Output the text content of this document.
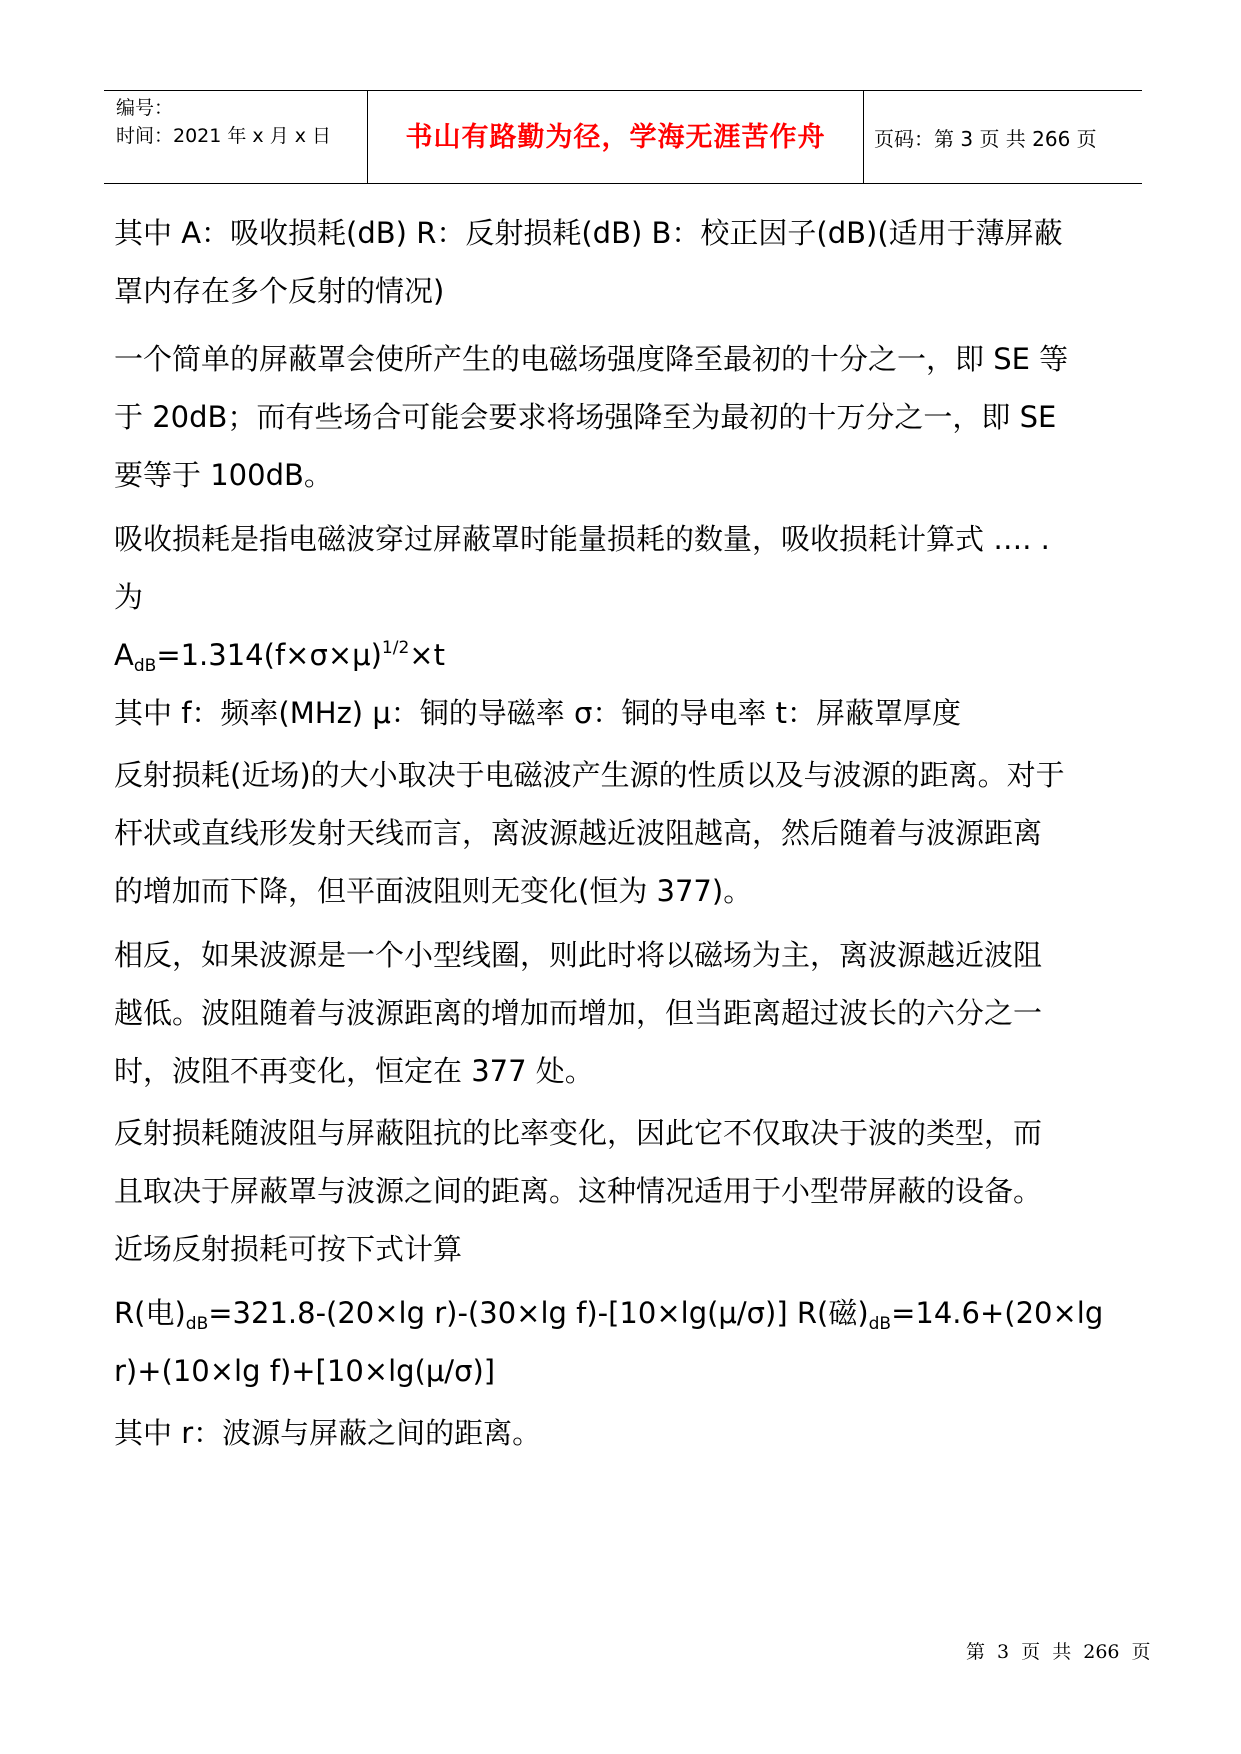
编号：
时间：2021 年 x 月 x 日	书山有路勤为径，学海无涯苦作舟	页码：第 3 页 共 266 页
其中 A：吸收损耗(dB) R：反射损耗(dB) B：校正因子(dB)(适用于薄屏蔽
罩内存在多个反射的情况)
一个简单的屏蔽罩会使所产生的电磁场强度降至最初的十分之一，即 SE 等
于 20dB；而有些场合可能会要求将场强降至为最初的十万分之一，即 SE
要等于 100dB。
吸收损耗是指电磁波穿过屏蔽罩时能量损耗的数量，吸收损耗计算式 …. .
为
$A_{dB}=1.314(f\times\sigma\times\mu)^{1/2}\times t$
其中 f：频率(MHz) μ：铜的导磁率 σ：铜的导电率 t：屏蔽罩厚度
反射损耗(近场)的大小取决于电磁波产生源的性质以及与波源的距离。对于
杆状或直线形发射天线而言，离波源越近波阻越高，然后随着与波源距离
的增加而下降，但平面波阻则无变化(恒为 377)。
相反，如果波源是一个小型线圈，则此时将以磁场为主，离波源越近波阻
越低。波阻随着与波源距离的增加而增加，但当距离超过波长的六分之一
时，波阻不再变化，恒定在 377 处。
反射损耗随波阻与屏蔽阻抗的比率变化，因此它不仅取决于波的类型，而
且取决于屏蔽罩与波源之间的距离。这种情况适用于小型带屏蔽的设备。
近场反射损耗可按下式计算
R(电)$_{dB}=321.8-(20\times\lg$ r)-(30×lg f)-[10×lg(μ/σ)] R(磁)$_{dB}=14.6+(20\times\lg$
r)+(10×lg f)+[10×lg(μ/σ)]
其中 r：波源与屏蔽之间的距离。
第 3 页 共 266 页
